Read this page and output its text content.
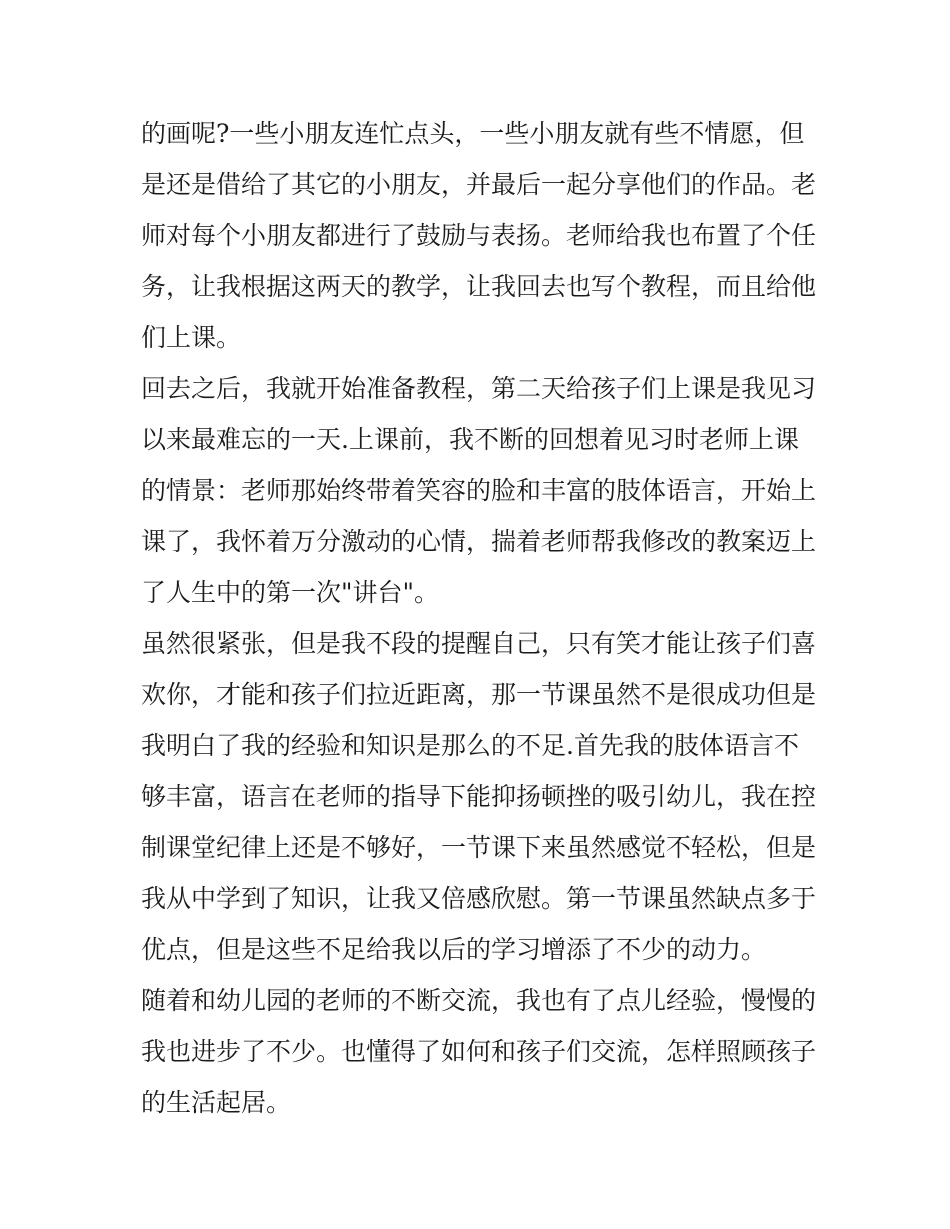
的画呢?一些小朋友连忙点头，一些小朋友就有些不情愿，但
是还是借给了其它的小朋友，并最后一起分享他们的作品。老
师对每个小朋友都进行了鼓励与表扬。老师给我也布置了个任
务，让我根据这两天的教学，让我回去也写个教程，而且给他
们上课。
回去之后，我就开始准备教程，第二天给孩子们上课是我见习
以来最难忘的一天.上课前，我不断的回想着见习时老师上课
的情景：老师那始终带着笑容的脸和丰富的肢体语言，开始上
课了，我怀着万分激动的心情，揣着老师帮我修改的教案迈上
了人生中的第一次"讲台"。
虽然很紧张，但是我不段的提醒自己，只有笑才能让孩子们喜
欢你，才能和孩子们拉近距离，那一节课虽然不是很成功但是
我明白了我的经验和知识是那么的不足.首先我的肢体语言不
够丰富，语言在老师的指导下能抑扬顿挫的吸引幼儿，我在控
制课堂纪律上还是不够好，一节课下来虽然感觉不轻松，但是
我从中学到了知识，让我又倍感欣慰。第一节课虽然缺点多于
优点，但是这些不足给我以后的学习增添了不少的动力。
随着和幼儿园的老师的不断交流，我也有了点儿经验，慢慢的
我也进步了不少。也懂得了如何和孩子们交流，怎样照顾孩子
的生活起居。
